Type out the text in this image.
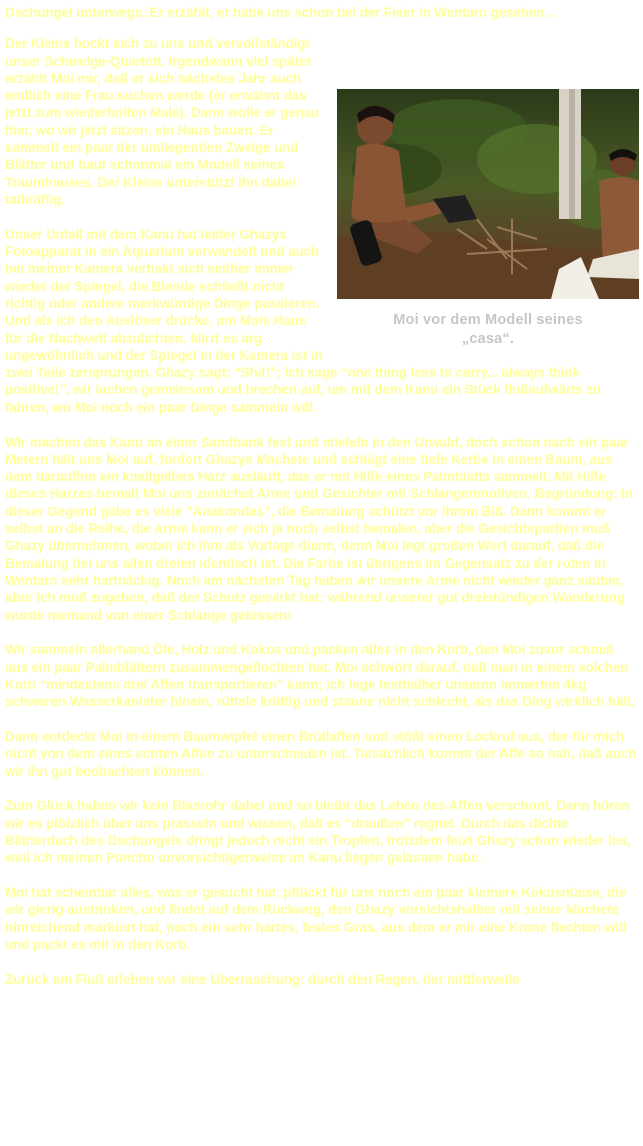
Dschungel unterwegs. Er erzählt, er habe uns schon bei der Feier in Wentaro gesehen...

Moi vor dem Modell seines
„casa“.

Der Kleine hockt sich zu uns und vervollständigt unser Schwelge-Quartett. Irgendwann viel später erzählt Moi mir, daß er sich nächstes Jahr auch endlich eine Frau suchen werde (er erwähnt das jetzt zum wiederholten Male). Dann wolle er genau hier, wo wir jetzt sitzen, ein Haus bauen. Er sammelt ein paar der umliegenden Zweige und Blätter und baut schonmal ein Modell seines Traumhauses. Der Kleine unterstützt ihn dabei tatkräftig.

Unser Unfall mit dem Kanu hat leider Ghazys Fotoapparat in ein Aquarium verwandelt und auch bei meiner Kamera verhakt sich seither immer wieder der Spiegel, die Blende schließt nicht richtig oder andere merkwürdige Dinge passieren. Und als ich den Auslöser drücke, um Mois Haus für die Nachwelt abzulichten, klirrt es arg ungewöhnlich und der Spiegel in der Kamera ist in zwei Teile zersprungen. Ghazy sagt: “Shit!”; ich sage “one thing less to carry... always think positive!”, wir lachen gemeinsam und brechen auf, um mit dem Kanu ein Stück flußaufwärts zu fahren, wo Moi noch ein paar Dinge sammeln will.

Wir machen das Kanu an einer Sandbank fest und stiefeln in den Urwald, doch schon nach ein paar Metern hält uns Moi auf, fordert Ghazys Machete und schlägt eine tiefe Kerbe in einen Baum, aus dem daraufhin ein knallgelbes Harz ausläuft, das er mit Hilfe eines Palmblatts sammelt. Mit Hilfe dieses Harzes bemalt Moi uns zunächst Arme und Gesichter mit Schlangenmotiven. Begründung: In dieser Gegend gäbe es viele “Anakondas”, die Bemalung schützt vor ihrem Biß. Dann kommt er selbst an die Reihe, die Arme kann er sich ja noch selbst bemalen, aber die Gesichtspartien muß Ghazy übernehmen, wobei ich ihm als Vorlage diene, denn Moi legt großen Wert darauf, daß die Bemalung bei uns allen dreien identisch ist. Die Farbe ist übrigens im Gegensatz zu der roten in Wentaro sehr hartnäckig. Noch am nächsten Tag haben wir unsere Arme nicht wieder ganz sauber, aber ich muß zugeben, daß der Schutz gewirkt hat: während unserer gut dreistündigen Wanderung wurde niemand von einer Schlange gebissen!

Wir sammeln allerhand Öle, Holz und Kokos und packen alles in den Korb, den Moi zuvor schnell aus ein paar Palmblättern zusammengeflochten hat. Moi schwört darauf, daß man in einem solchen Korb “mindestens drei Affen transportieren” kann; ich lege testhalber unseren immerhin 4kg schweren Wasserkanister hinein, rüttele kräftig und staune nicht schlecht, als das Ding wirklich hält.

Dann entdeckt Moi in einem Baumwipfel einen Brüllaffen und stößt einen Lockruf aus, der für mich nicht von dem eines echten Affen zu unterscheiden ist. Tatsächlich kommt der Affe so nah, daß auch wir ihn gut beobachten können.

Zum Glück haben wir kein Blasrohr dabei und so bleibt das Leben des Affen verschont. Dann hören wir es plötzlich über uns prasseln und wissen, daß es “draußen” regnet. Durch das dichte Blätterdach des Dschungels dringt jedoch nicht ein Tropfen, trotzdem feixt Ghazy schon wieder los, weil ich meinen Poncho unvorsichtigerweise im Kanu liegen gelassen habe.

Moi hat scheinbar alles, was er gesucht hat, pflückt für uns noch ein paar kleinere Kokosnüsse, die wir gierig austrinken, und findet auf dem Rückweg, den Ghazy vorsichtshalber mit seiner Machete hinreichend markiert hat, noch ein sehr hartes, festes Gras, aus dem er mir eine Krone flechten will und packt es mit in den Korb.

Zurück am Fluß erleben wir eine Überraschung: durch den Regen, der mittlerweile
